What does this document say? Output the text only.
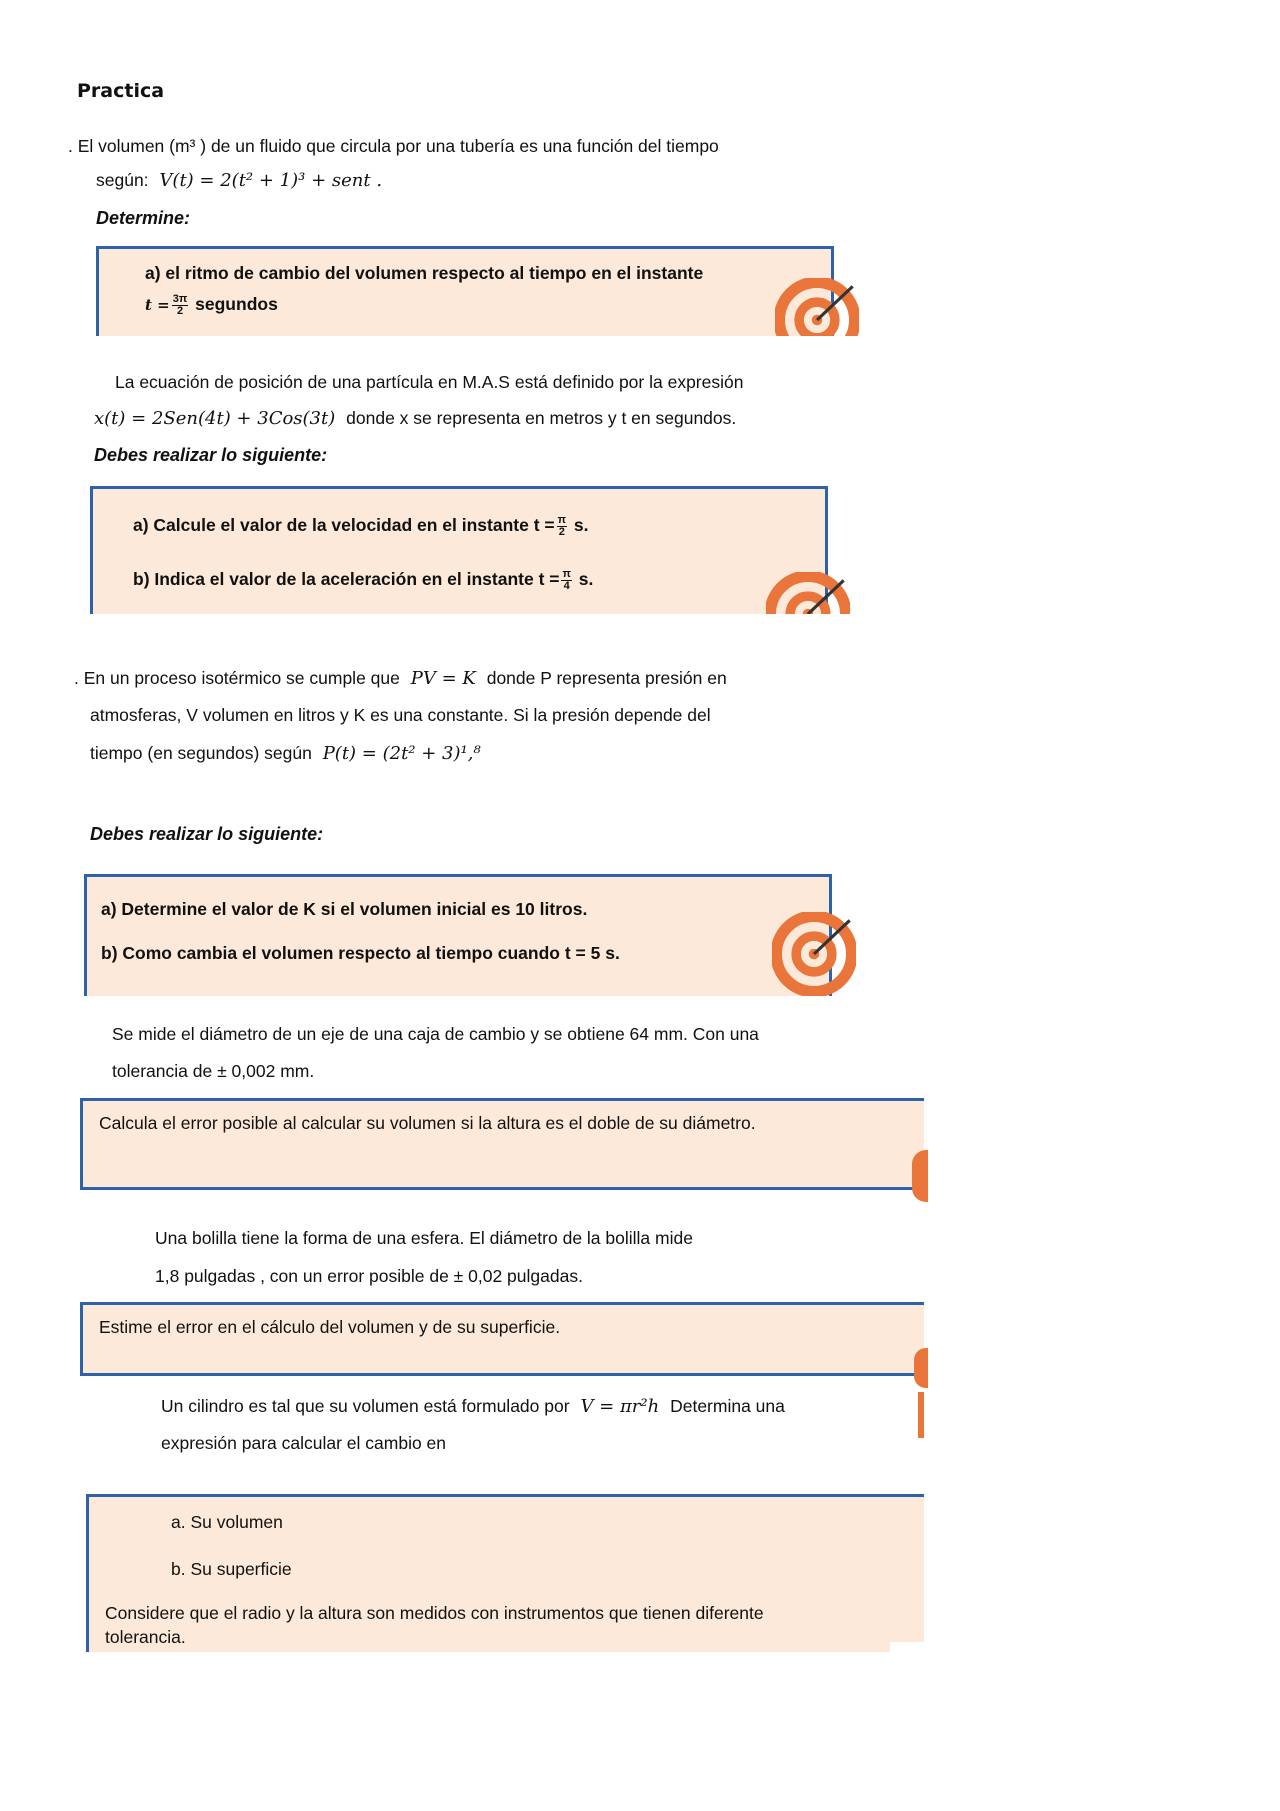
Practica
. El volumen (m³ ) de un fluido que circula por una tubería es una función del tiempo
según: V(t) = 2(t² + 1)³ + sent .
Determine:
a) el ritmo de cambio del volumen respecto al tiempo en el instante
$t = \frac{3\pi}{2}$ segundos
La ecuación de posición de una partícula en M.A.S está definido por la expresión
x(t) = 2Sen(4t) + 3Cos(3t) donde x se representa en metros y t en segundos.
Debes realizar lo siguiente:
a) Calcule el valor de la velocidad en el instante $t = \frac{\pi}{2} s$.
b) Indica el valor de la aceleración en el instante $t = \frac{\pi}{4} s$.
. En un proceso isotérmico se cumple que PV = K donde P representa presión en
atmosferas, V volumen en litros y K es una constante. Si la presión depende del
tiempo (en segundos) según P(t) = (2t² + 3)¹,⁸
Debes realizar lo siguiente:
a) Determine el valor de K si el volumen inicial es 10 litros.
b) Como cambia el volumen respecto al tiempo cuando t = 5 s.
Se mide el diámetro de un eje de una caja de cambio y se obtiene 64 mm. Con una
tolerancia de ± 0,002 mm.
Calcula el error posible al calcular su volumen si la altura es el doble de su diámetro.
Una bolilla tiene la forma de una esfera. El diámetro de la bolilla mide
1,8 pulgadas , con un error posible de ± 0,02 pulgadas.
Estime el error en el cálculo del volumen y de su superficie.
Un cilindro es tal que su volumen está formulado por V = πr²h Determina una
expresión para calcular el cambio en
a. Su volumen
b. Su superficie
Considere que el radio y la altura son medidos con instrumentos que tienen diferente
tolerancia.
